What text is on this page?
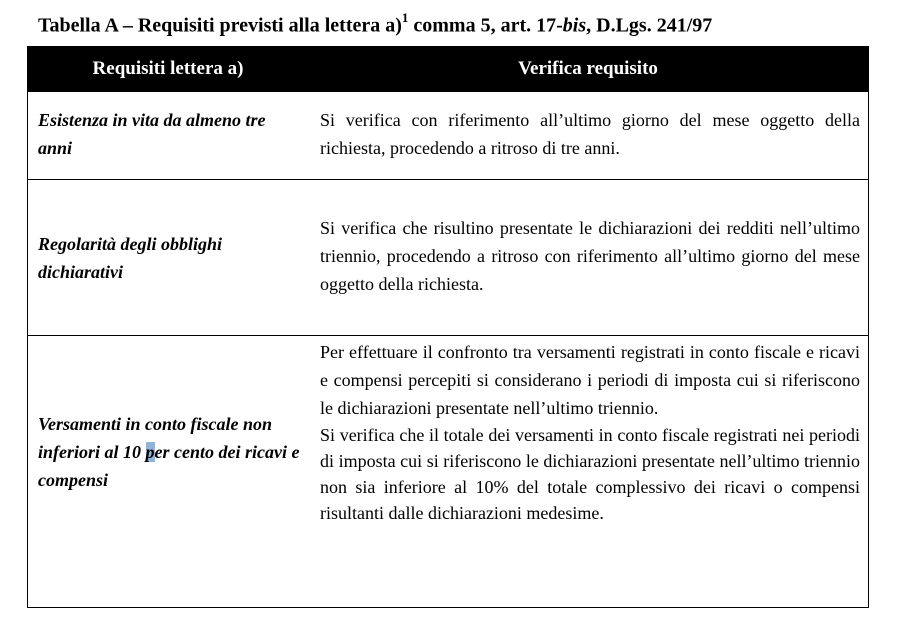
Tabella A – Requisiti previsti alla lettera a)$^1$ comma 5, art. 17-bis, D.Lgs. 241/97
Requisiti lettera a)	Verifica requisito
Esistenza in vita da almeno tre anni

Si verifica con riferimento all’ultimo giorno del mese oggetto della richiesta, procedendo a ritroso di tre anni.

Regolarità degli obblighi dichiarativi

Si verifica che risultino presentate le dichiarazioni dei redditi nell’ultimo triennio, procedendo a ritroso con riferimento all’ultimo giorno del mese oggetto della richiesta.

Versamenti in conto fiscale non inferiori al 10 per cento dei ricavi e compensi

Per effettuare il confronto tra versamenti registrati in conto fiscale e ricavi e compensi percepiti si considerano i periodi di imposta cui si riferiscono le dichiarazioni presentate nell’ultimo triennio.

Si verifica che il totale dei versamenti in conto fiscale registrati nei periodi di imposta cui si riferiscono le dichiarazioni presentate nell’ultimo triennio non sia inferiore al 10% del totale complessivo dei ricavi o compensi risultanti dalle dichiarazioni medesime.
